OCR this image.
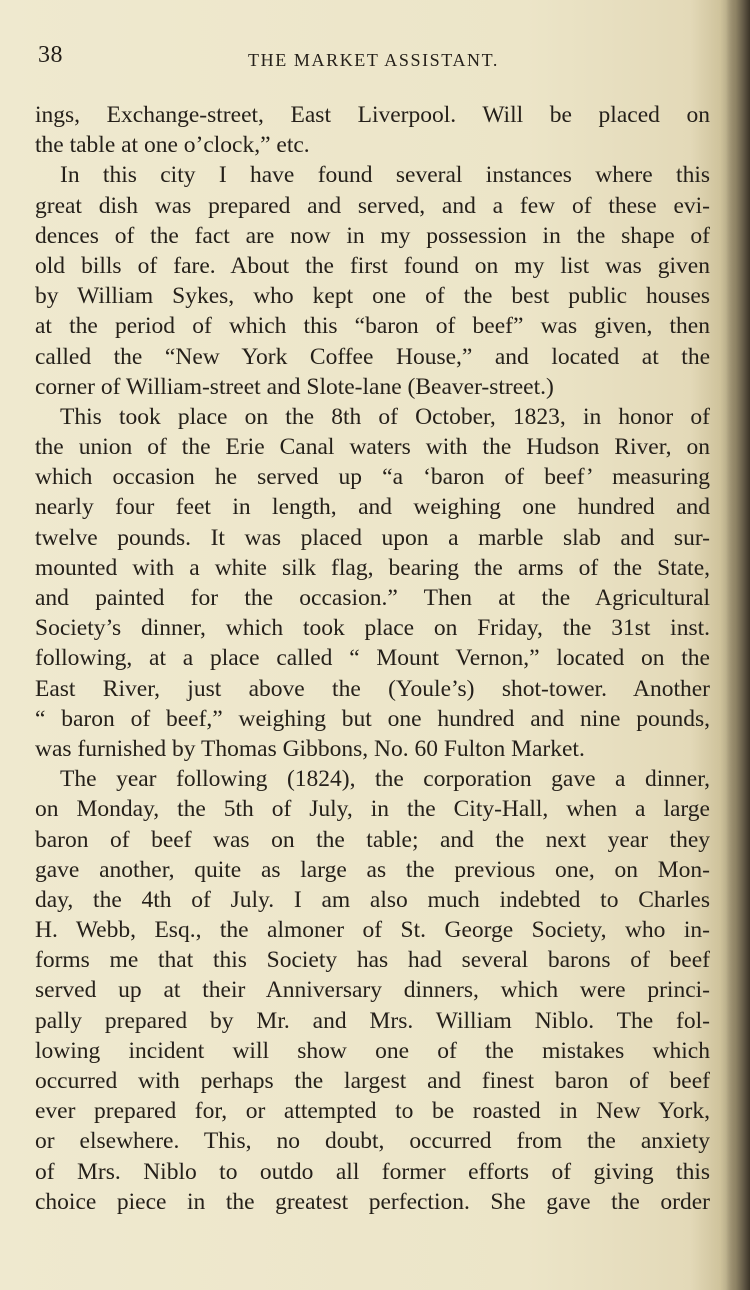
38	THE MARKET ASSISTANT.
ings, Exchange-street, East Liverpool. Will be placed on
the table at one o’clock,” etc.
In this city I have found several instances where this
great dish was prepared and served, and a few of these evi-
dences of the fact are now in my possession in the shape of
old bills of fare. About the first found on my list was given
by William Sykes, who kept one of the best public houses
at the period of which this “baron of beef” was given, then
called the “New York Coffee House,” and located at the
corner of William-street and Slote-lane (Beaver-street.)
This took place on the 8th of October, 1823, in honor of
the union of the Erie Canal waters with the Hudson River, on
which occasion he served up “a ‘baron of beef’ measuring
nearly four feet in length, and weighing one hundred and
twelve pounds. It was placed upon a marble slab and sur-
mounted with a white silk flag, bearing the arms of the State,
and painted for the occasion.” Then at the Agricultural
Society’s dinner, which took place on Friday, the 31st inst.
following, at a place called “ Mount Vernon,” located on the
East River, just above the (Youle’s) shot-tower. Another
“ baron of beef,” weighing but one hundred and nine pounds,
was furnished by Thomas Gibbons, No. 60 Fulton Market.
The year following (1824), the corporation gave a dinner,
on Monday, the 5th of July, in the City-Hall, when a large
baron of beef was on the table; and the next year they
gave another, quite as large as the previous one, on Mon-
day, the 4th of July. I am also much indebted to Charles
H. Webb, Esq., the almoner of St. George Society, who in-
forms me that this Society has had several barons of beef
served up at their Anniversary dinners, which were princi-
pally prepared by Mr. and Mrs. William Niblo. The fol-
lowing incident will show one of the mistakes which
occurred with perhaps the largest and finest baron of beef
ever prepared for, or attempted to be roasted in New York,
or elsewhere. This, no doubt, occurred from the anxiety
of Mrs. Niblo to outdo all former efforts of giving this
choice piece in the greatest perfection. She gave the order
